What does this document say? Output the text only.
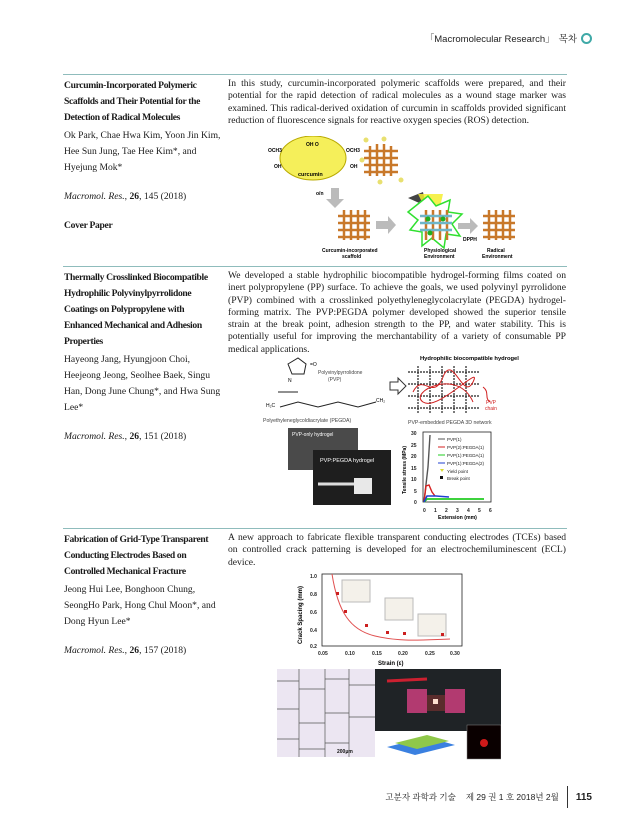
「Macromolecular Research」 목차
Curcumin-Incorporated Polymeric Scaffolds and Their Potential for the Detection of Radical Molecules
Ok Park, Chae Hwa Kim, Yoon Jin Kim, Hee Sun Jung, Tae Hee Kim*, and Hyejung Mok*
Macromol. Res., 26, 145 (2018)
Cover Paper
In this study, curcumin-incorporated polymeric scaffolds were prepared, and their potential for the rapid detection of radical molecules as a wound stage marker was examined. This radical-derived oxidation of curcumin in scaffolds provided significant reduction of fluorescence signals for reactive oxygen species (ROS) detection.
OCH3
OH
OH O
curcumin
OCH3
OH
o/n
DPPH
Curcumin-incorporated
scaffold
Physiological
Environment
Radical
Environment
Thermally Crosslinked Biocompatible Hydrophilic Polyvinylpyrrolidone Coatings on Polypropylene with Enhanced Mechanical and Adhesion Properties
Hayeong Jang, Hyungjoon Choi, Heejeong Jeong, Seolhee Baek, Singu Han, Dong June Chung*, and Hwa Sung Lee*
Macromol. Res., 26, 151 (2018)
We developed a stable hydrophilic biocompatible hydrogel-forming films coated on inert polypropylene (PP) surface. To achieve the goals, we used polyvinyl pyrrolidone (PVP) combined with a crosslinked polyethyleneglycolacrylate (PEGDA) hydrogel-forming matrix. The PVP:PEGDA polymer developed showed the superior tensile strain at the break point, adhesion strength to the PP, and water stability. This is potentially useful for improving the merchantability of a variety of consumable PP medical applications.
=O
N
Polyvinylpyrrolidone
(PVP)
H₂C
CH₂
Polyethyleneglycoldiacrylate (PEGDA)
Hydrophilic biocompatible hydrogel
PVP
chain
PVP-embedded PEGDA 3D network
PVP-only hydrogel
PVP:PEGDA hydrogel
0
5
10
15
20
25
30
0 1 2 3 4 5 6
Extension (mm)
Tensile stress (MPa)
PVP(1)
PVP(2):PEGDA(1)
PVP(1):PEGDA(1)
PVP(1):PEGDA(2)
Yield point
Break point
Fabrication of Grid-Type Transparent Conducting Electrodes Based on Controlled Mechanical Fracture
Jeong Hui Lee, Bonghoon Chung, SeongHo Park, Hong Chul Moon*, and Dong Hyun Lee*
Macromol. Res., 26, 157 (2018)
A new approach to fabricate flexible transparent conducting electrodes (TCEs) based on controlled crack patterning is developed for an electrochemiluminescent (ECL) device.
1.0
0.8
0.6
0.4
0.2
0.05	0.10	0.15	0.20	0.25	0.30
Crack Spacing (mm)
Strain (ε)
200μm
고분자 과학과 기술 제 29 권 1 호 2018년 2월 115
